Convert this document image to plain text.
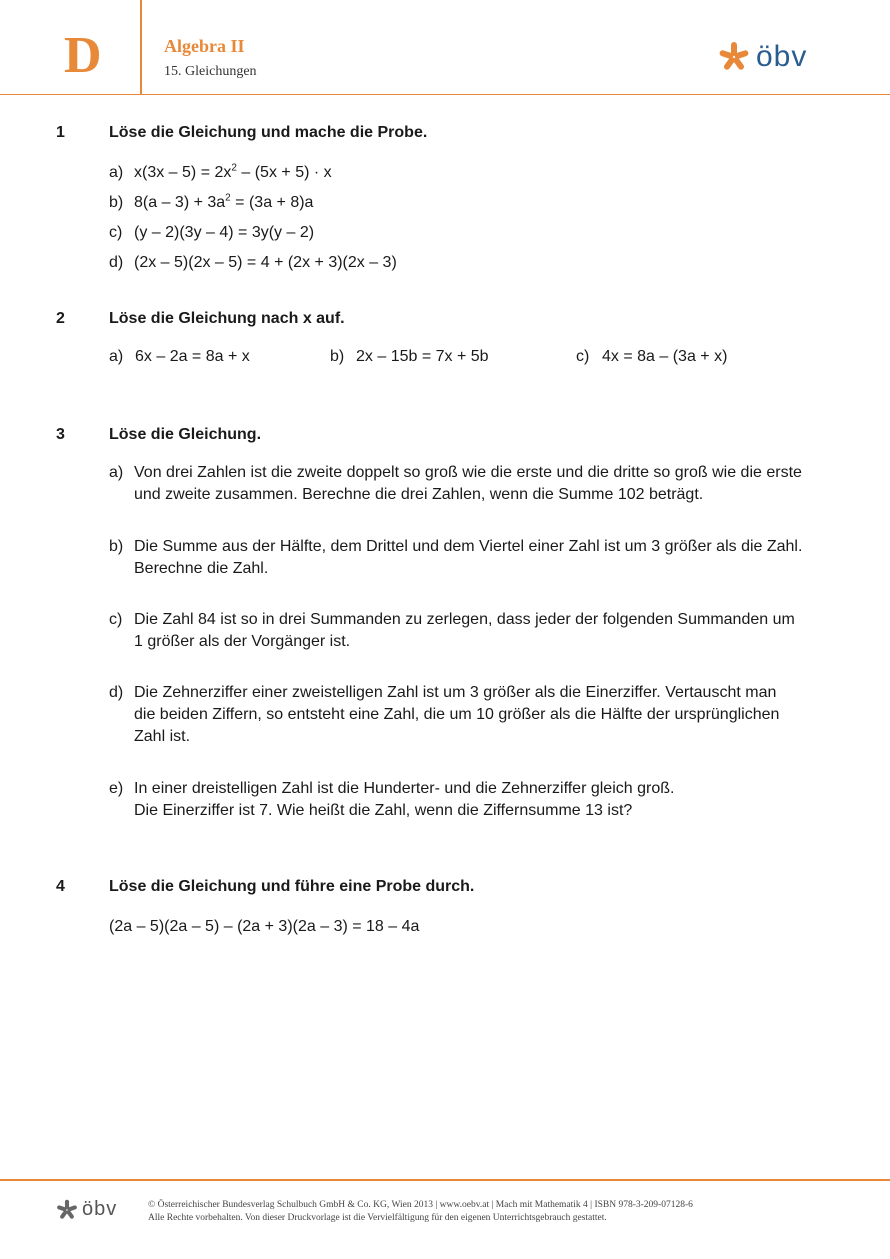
D	Algebra II
15. Gleichungen	öbv
1	Löse die Gleichung und mache die Probe.
a) $x(3x - 5) = 2x^2 - (5x + 5) \cdot x$
b) $8(a - 3) + 3a^2 = (3a + 8)a$
c) (y – 2)(3y – 4) = 3y(y – 2)
d) (2x – 5)(2x – 5) = 4 + (2x + 3)(2x – 3)
2	Löse die Gleichung nach x auf.
a) 6x – 2a = 8a + x	b) 2x – 15b = 7x + 5b	c) 4x = 8a – (3a + x)
3	Löse die Gleichung.
a) Von drei Zahlen ist die zweite doppelt so groß wie die erste und die dritte so groß wie die erste
und zweite zusammen. Berechne die drei Zahlen, wenn die Summe 102 beträgt.
b) Die Summe aus der Hälfte, dem Drittel und dem Viertel einer Zahl ist um 3 größer als die Zahl.
Berechne die Zahl.
c) Die Zahl 84 ist so in drei Summanden zu zerlegen, dass jeder der folgenden Summanden um
1 größer als der Vorgänger ist.
d) Die Zehnerziffer einer zweistelligen Zahl ist um 3 größer als die Einerziffer. Vertauscht man
die beiden Ziffern, so entsteht eine Zahl, die um 10 größer als die Hälfte der ursprünglichen
Zahl ist.
e) In einer dreistelligen Zahl ist die Hunderter- und die Zehnerziffer gleich groß.
Die Einerziffer ist 7. Wie heißt die Zahl, wenn die Ziffernsumme 13 ist?
4	Löse die Gleichung und führe eine Probe durch.
(2a – 5)(2a – 5) – (2a + 3)(2a – 3) = 18 – 4a
öbv	© Österreichischer Bundesverlag Schulbuch GmbH & Co. KG, Wien 2013 | www.oebv.at | Mach mit Mathematik 4 | ISBN 978-3-209-07128-6
Alle Rechte vorbehalten. Von dieser Druckvorlage ist die Vervielfältigung für den eigenen Unterrichtsgebrauch gestattet.
